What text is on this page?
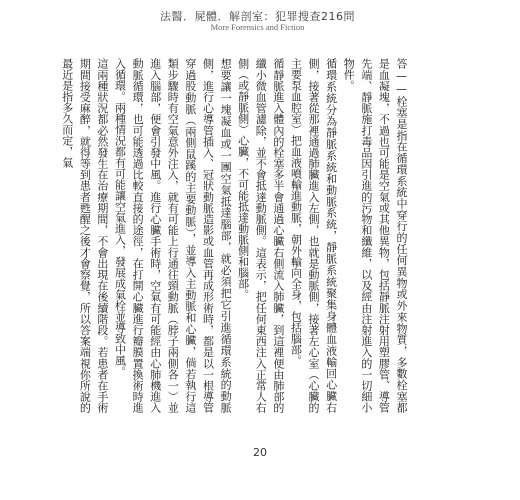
法醫．屍體．解剖室：犯罪搜查216問
More Forensics and Fiction

答——栓塞是指在循環系統中穿行的任何異物或外來物質，多數栓塞都是血凝塊，不過也可能是空氣或其他異物，包括靜脈注射用塑膠管、導管先端、靜脈施打毒品因引進的污物和纖維，以及經由注射進入的一切細小物件。

循環系統分為靜脈系統和動脈系統，靜脈系統聚集身體血液輸回心臟右側，接著從那裡通過肺臟進入左側，也就是動脈側，接著左心室（心臟的主要泵血腔室）把血液噴輸進動脈，朝外輸向全身，包括腦部。

循靜脈進入體內的栓塞多半會通過心臟右側流入肺臟，到這裡便由肺部的纖小微血管濾除，並不會抵達動脈側。這表示，把任何東西注入正常人右側（或靜脈側）心臟，不可能抵達動脈側和腦部。

想要讓一塊凝血或一團空氣抵達腦部，就必須把它引進循環系統的動脈側，進行心導管插入、冠狀動脈造影或血管再成形術時，都是以一根導管穿過股動脈（兩側鼠蹊的主要動脈），並導入主動脈和心臟，倘若執行這類步驟時有空氣意外注入，就有可能上行通往頸動脈（脖子兩側各一）並進入腦部，便會引發中風。進行心臟手術時，空氣有可能經由心肺機進入動脈循環，也可能透過比較直接的途徑，在打開心臟進行瓣膜置換術時進入循環。兩種情況都有可能讓空氣進入，發展成氣栓並導致中風。

這兩種狀況都必然發生在治療期間，不會出現在後續階段。若患者在手術期間接受麻醉，就得等到患者甦醒之後才會察覺，所以答案端視你所說的最近是指多久而定，氣

20
